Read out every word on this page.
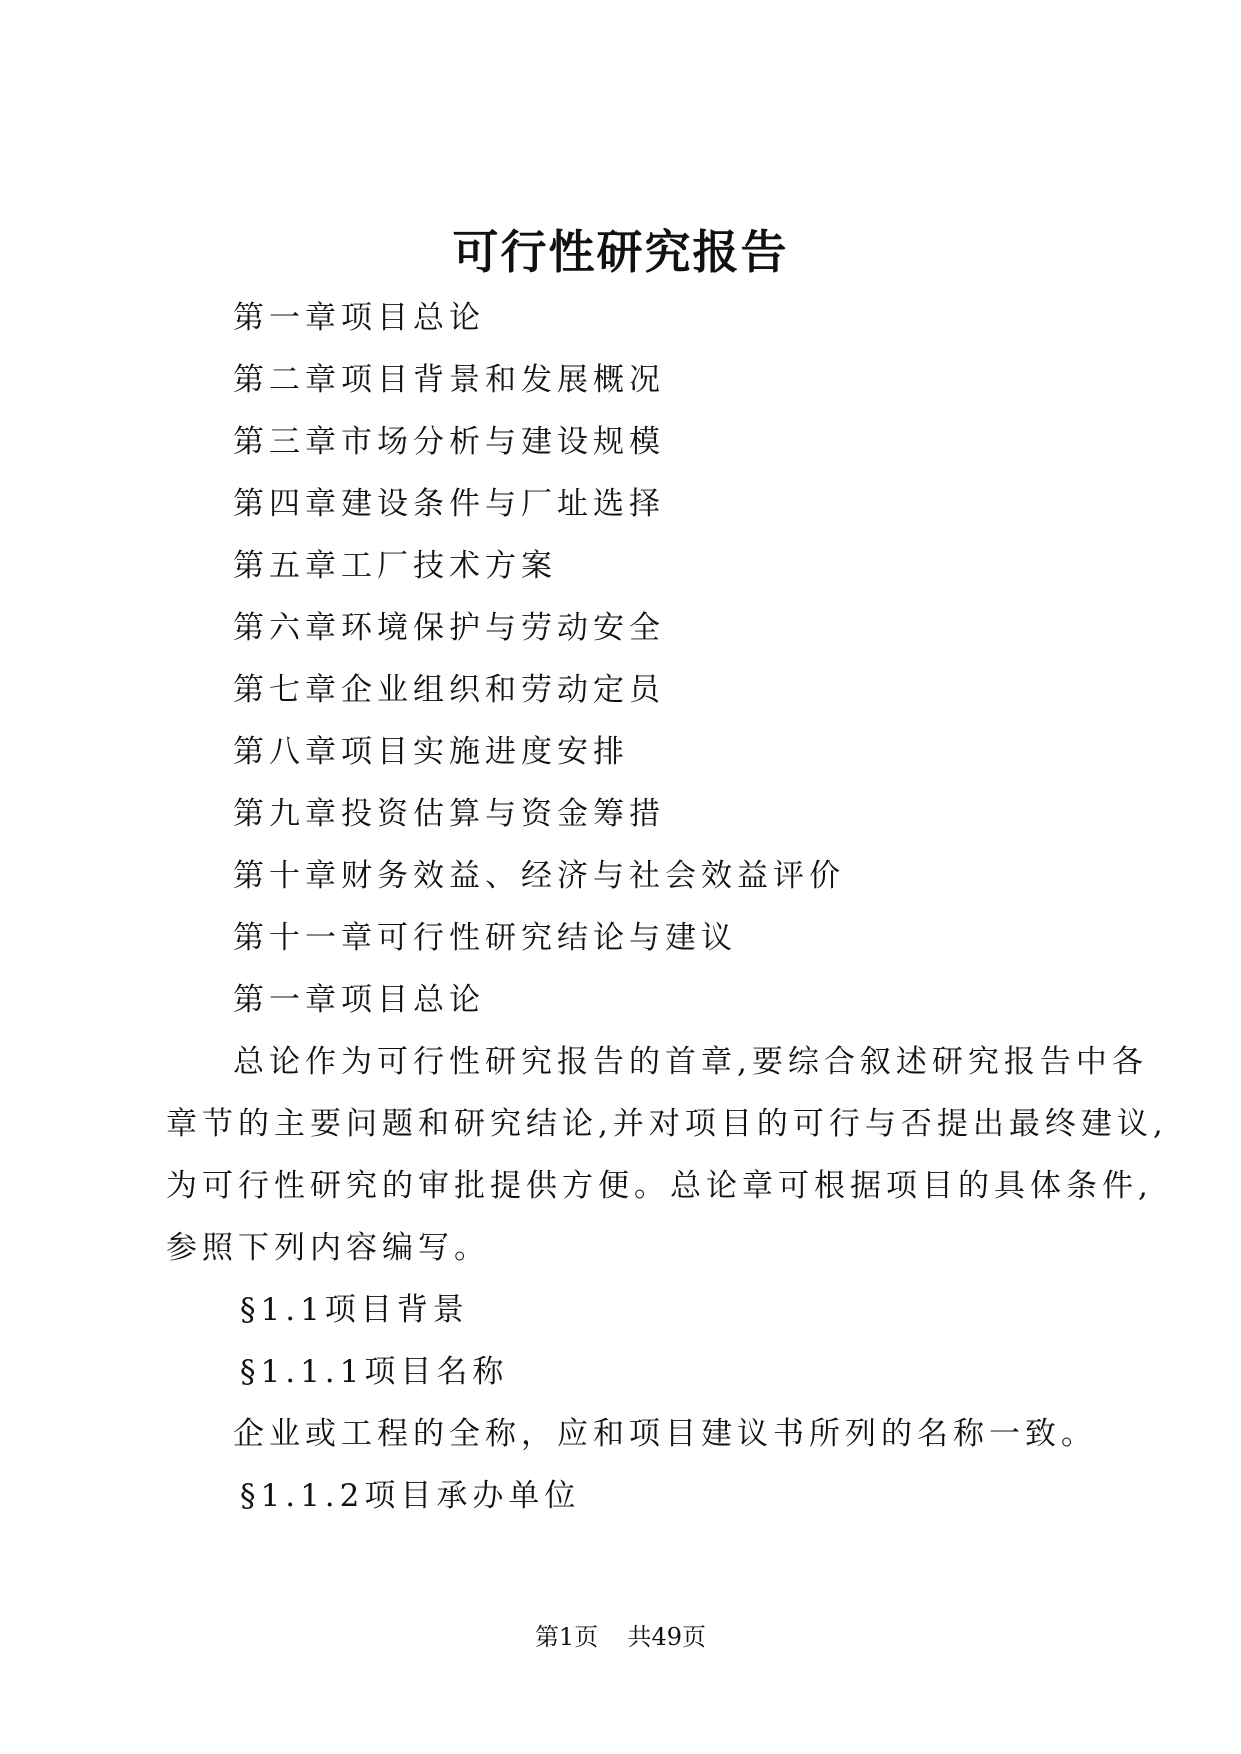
可行性研究报告
第一章项目总论
第二章项目背景和发展概况
第三章市场分析与建设规模
第四章建设条件与厂址选择
第五章工厂技术方案
第六章环境保护与劳动安全
第七章企业组织和劳动定员
第八章项目实施进度安排
第九章投资估算与资金筹措
第十章财务效益、经济与社会效益评价
第十一章可行性研究结论与建议
第一章项目总论
总论作为可行性研究报告的首章,要综合叙述研究报告中各
章节的主要问题和研究结论,并对项目的可行与否提出最终建议,
为可行性研究的审批提供方便。总论章可根据项目的具体条件,
参照下列内容编写。
§1.1项目背景
§1.1.1项目名称
企业或工程的全称，应和项目建议书所列的名称一致。
§1.1.2项目承办单位
第1页 共49页
